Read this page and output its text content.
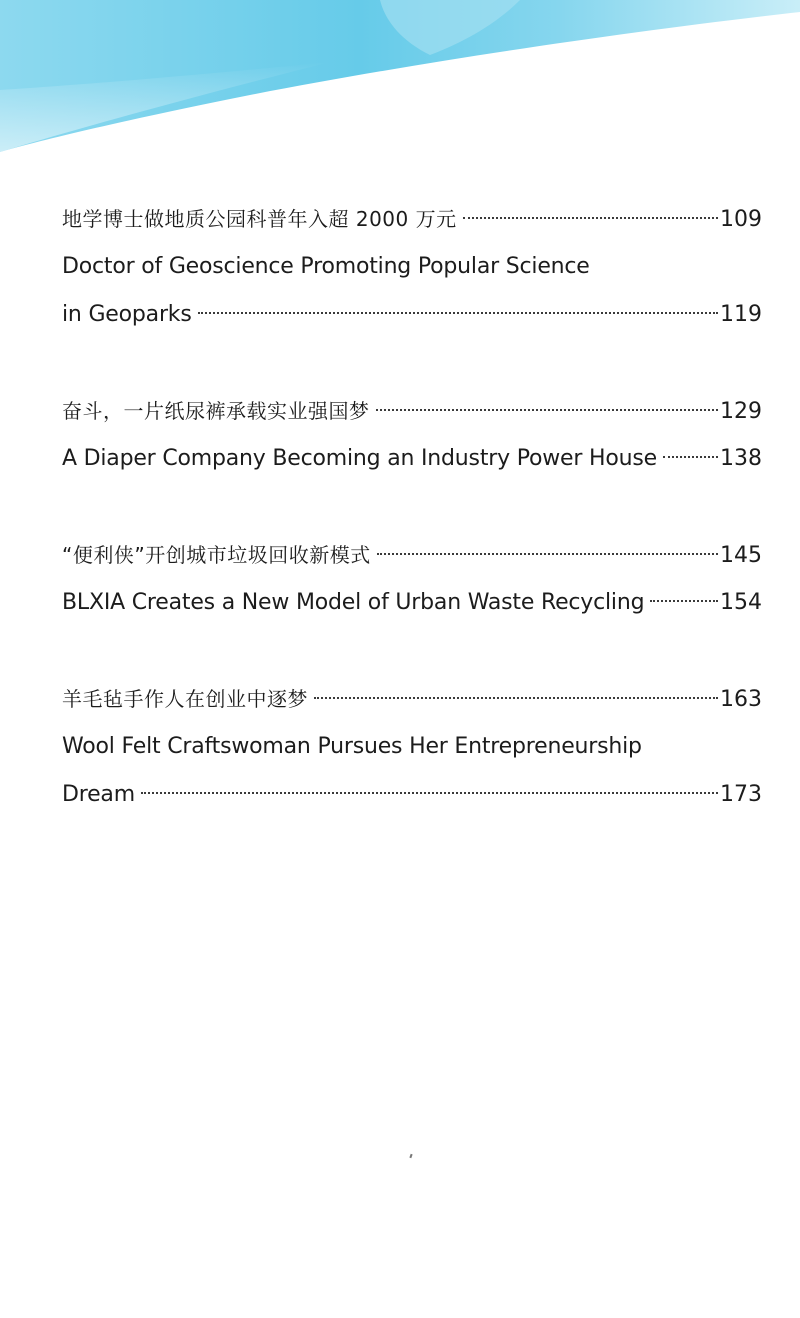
地学博士做地质公园科普年入超 2000 万元	109
Doctor of Geoscience Promoting Popular Science
in Geoparks	119
奋斗，一片纸尿裤承载实业强国梦	129
A Diaper Company Becoming an Industry Power House	138
“便利侠”开创城市垃圾回收新模式	145
BLXIA Creates a New Model of Urban Waste Recycling	154
羊毛毡手作人在创业中逐梦	163
Wool Felt Craftswoman Pursues Her Entrepreneurship
Dream	173
